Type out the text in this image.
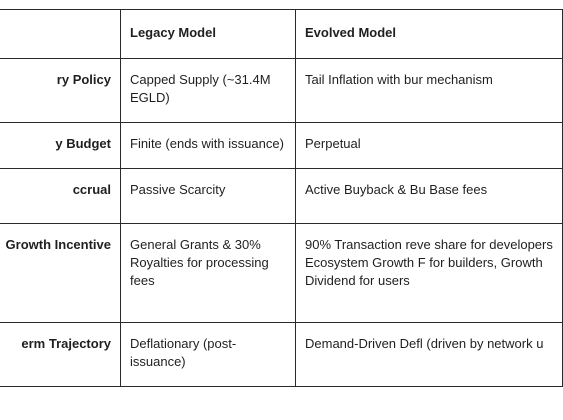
	Legacy Model	Evolved Model

ry Policy	Capped Supply (~31.4M EGLD)	Tail Inflation with bur mechanism

y Budget	Finite (ends with issuance)	Perpetual

ccrual	Passive Scarcity	Active Buyback & Bu Base fees

Growth Incentive	General Grants & 30% Royalties for processing fees	90% Transaction reve share for developers Ecosystem Growth F for builders, Growth Dividend for users

erm Trajectory	Deflationary (post-issuance)	Demand-Driven Defl (driven by network u
